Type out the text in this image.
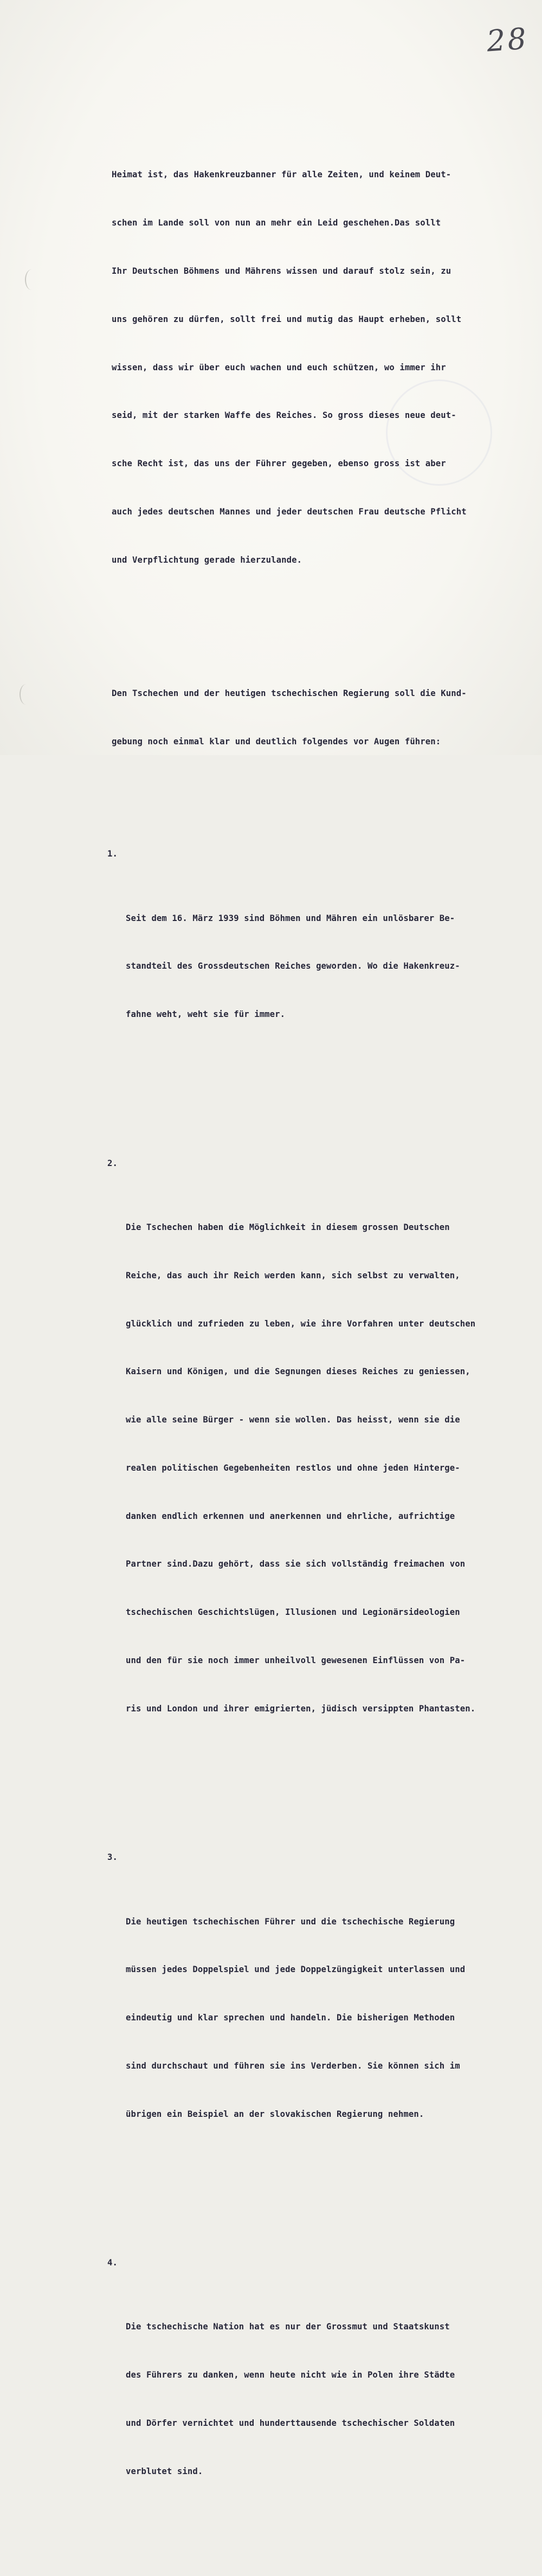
28

Heimat ist, das Hakenkreuzbanner für alle Zeiten, und keinem Deut-

schen im Lande soll von nun an mehr ein Leid geschehen.Das sollt

Ihr Deutschen Böhmens und Mährens wissen und darauf stolz sein, zu

uns gehören zu dürfen, sollt frei und mutig das Haupt erheben, sollt

wissen, dass wir über euch wachen und euch schützen, wo immer ihr

seid, mit der starken Waffe des Reiches. So gross dieses neue deut-

sche Recht ist, das uns der Führer gegeben, ebenso gross ist aber

auch jedes deutschen Mannes und jeder deutschen Frau deutsche Pflicht

und Verpflichtung gerade hierzulande.

Den Tschechen und der heutigen tschechischen Regierung soll die Kund-

gebung noch einmal klar und deutlich folgendes vor Augen führen:

1.

Seit dem 16. März 1939 sind Böhmen und Mähren ein unlösbarer Be-

standteil des Grossdeutschen Reiches geworden. Wo die Hakenkreuz-

fahne weht, weht sie für immer.

2.

Die Tschechen haben die Möglichkeit in diesem grossen Deutschen

Reiche, das auch ihr Reich werden kann, sich selbst zu verwalten,

glücklich und zufrieden zu leben, wie ihre Vorfahren unter deutschen

Kaisern und Königen, und die Segnungen dieses Reiches zu geniessen,

wie alle seine Bürger - wenn sie wollen. Das heisst, wenn sie die

realen politischen Gegebenheiten restlos und ohne jeden Hinterge-

danken endlich erkennen und anerkennen und ehrliche, aufrichtige

Partner sind.Dazu gehört, dass sie sich vollständig freimachen von

tschechischen Geschichtslügen, Illusionen und Legionärsideologien

und den für sie noch immer unheilvoll gewesenen Einflüssen von Pa-

ris und London und ihrer emigrierten, jüdisch versippten Phantasten.

3.

Die heutigen tschechischen Führer und die tschechische Regierung

müssen jedes Doppelspiel und jede Doppelzüngigkeit unterlassen und

eindeutig und klar sprechen und handeln. Die bisherigen Methoden

sind durchschaut und führen sie ins Verderben. Sie können sich im

übrigen ein Beispiel an der slovakischen Regierung nehmen.

4.

Die tschechische Nation hat es nur der Grossmut und Staatskunst

des Führers zu danken, wenn heute nicht wie in Polen ihre Städte

und Dörfer vernichtet und hunderttausende tschechischer Soldaten

verblutet sind.
